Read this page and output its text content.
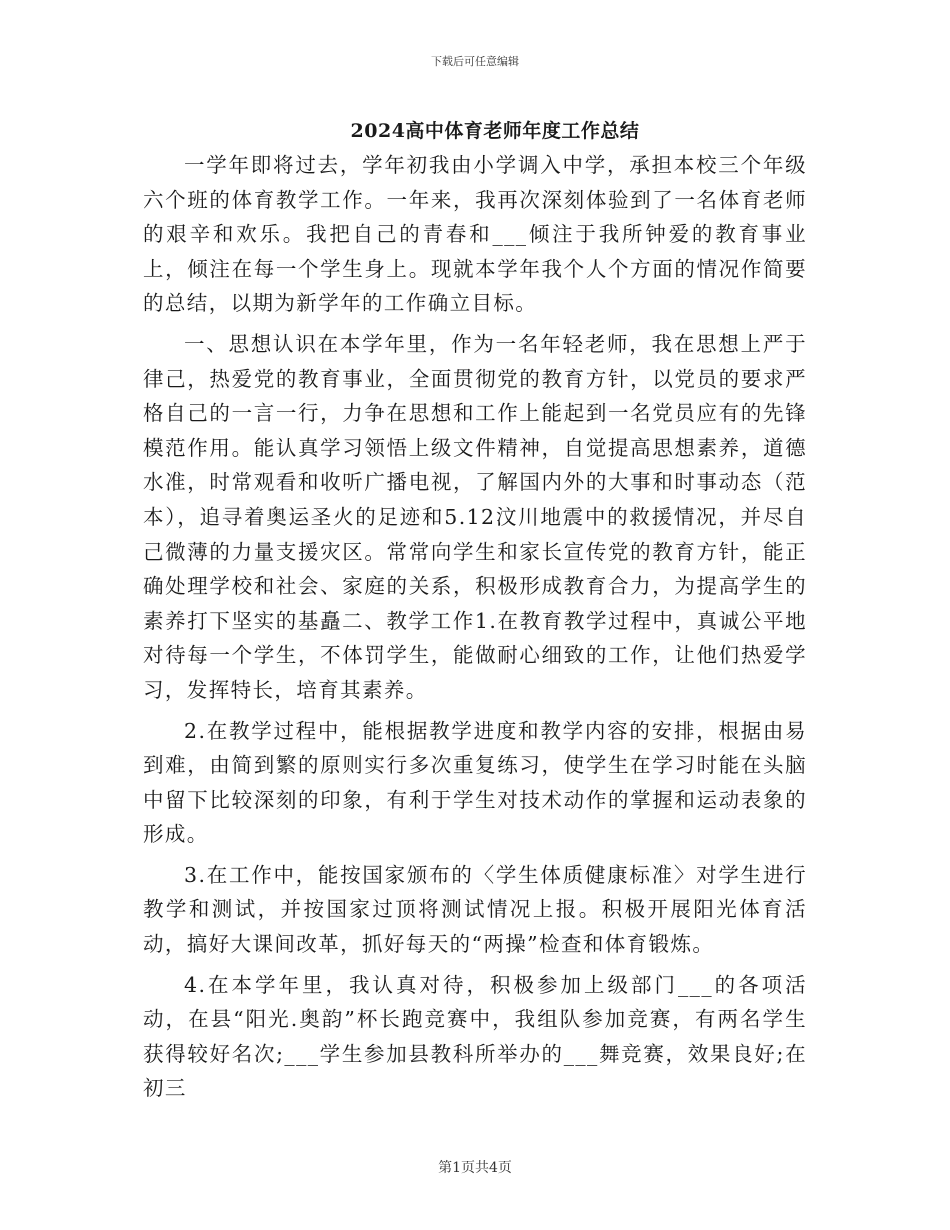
下载后可任意编辑
2024高中体育老师年度工作总结

一学年即将过去，学年初我由小学调入中学，承担本校三个年级六个班的体育教学工作。一年来，我再次深刻体验到了一名体育老师的艰辛和欢乐。我把自己的青春和___倾注于我所钟爱的教育事业上，倾注在每一个学生身上。现就本学年我个人个方面的情况作简要的总结，以期为新学年的工作确立目标。

一、思想认识在本学年里，作为一名年轻老师，我在思想上严于律己，热爱党的教育事业，全面贯彻党的教育方针，以党员的要求严格自己的一言一行，力争在思想和工作上能起到一名党员应有的先锋模范作用。能认真学习领悟上级文件精神，自觉提高思想素养，道德水准，时常观看和收听广播电视，了解国内外的大事和时事动态（范本），追寻着奥运圣火的足迹和5.12汶川地震中的救援情况，并尽自己微薄的力量支援灾区。常常向学生和家长宣传党的教育方针，能正确处理学校和社会、家庭的关系，积极形成教育合力，为提高学生的素养打下坚实的基矗二、教学工作1.在教育教学过程中，真诚公平地对待每一个学生，不体罚学生，能做耐心细致的工作，让他们热爱学习，发挥特长，培育其素养。

2.在教学过程中，能根据教学进度和教学内容的安排，根据由易到难，由简到繁的原则实行多次重复练习，使学生在学习时能在头脑中留下比较深刻的印象，有利于学生对技术动作的掌握和运动表象的形成。

3.在工作中，能按国家颁布的〈学生体质健康标准〉对学生进行教学和测试，并按国家过顶将测试情况上报。积极开展阳光体育活动，搞好大课间改革，抓好每天的“两操”检查和体育锻炼。

4.在本学年里，我认真对待，积极参加上级部门___的各项活动，在县“阳光.奥韵”杯长跑竞赛中，我组队参加竞赛，有两名学生获得较好名次;___学生参加县教科所举办的___舞竞赛，效果良好;在初三

第1页共4页
